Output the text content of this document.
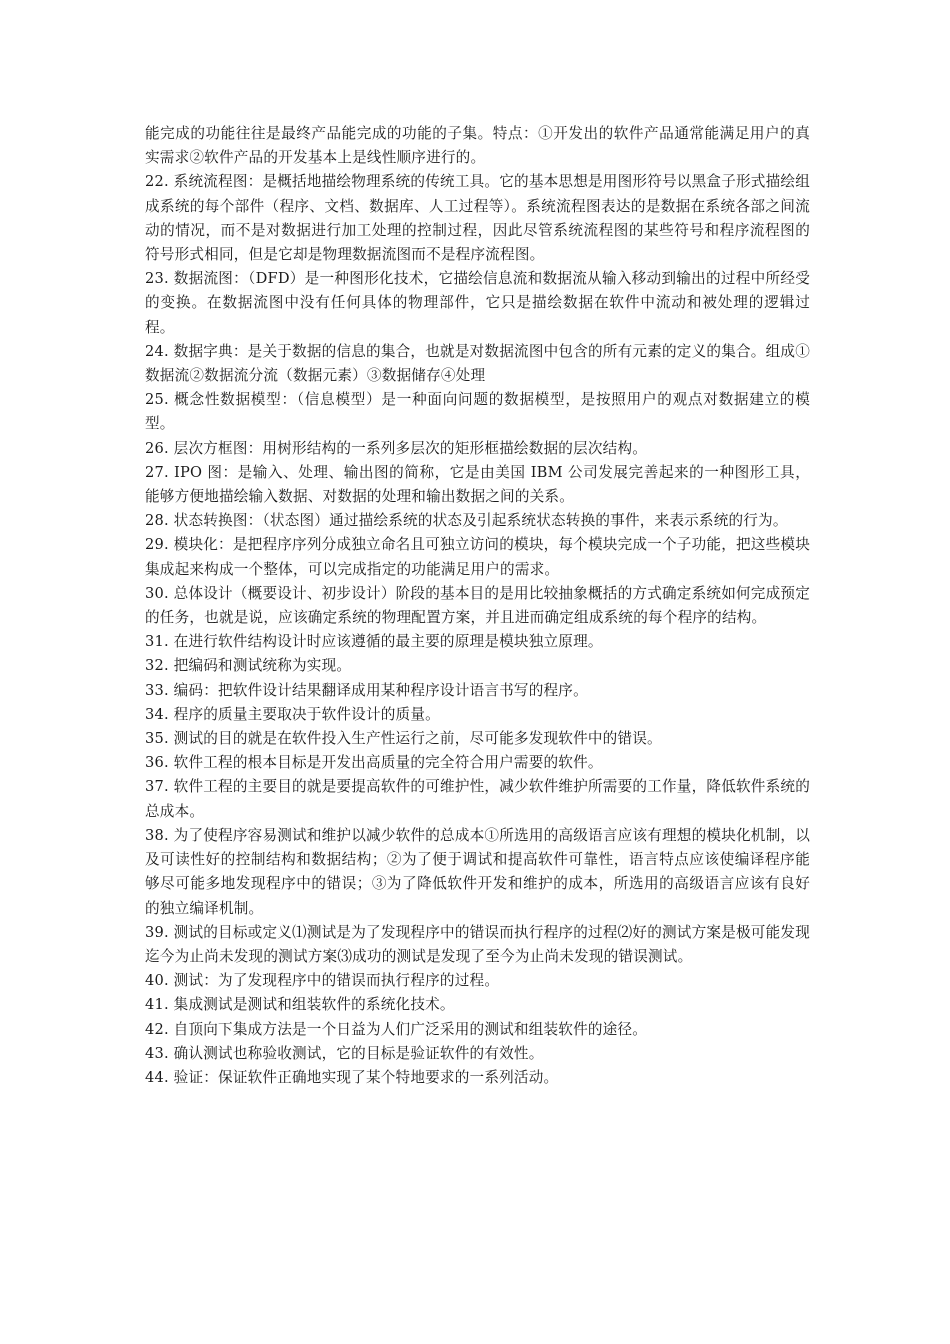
能完成的功能往往是最终产品能完成的功能的子集。特点：①开发出的软件产品通常能满足用户的真实需求②软件产品的开发基本上是线性顺序进行的。

22. 系统流程图：是概括地描绘物理系统的传统工具。它的基本思想是用图形符号以黑盒子形式描绘组成系统的每个部件（程序、文档、数据库、人工过程等）。系统流程图表达的是数据在系统各部之间流动的情况，而不是对数据进行加工处理的控制过程，因此尽管系统流程图的某些符号和程序流程图的符号形式相同，但是它却是物理数据流图而不是程序流程图。

23. 数据流图：（DFD）是一种图形化技术，它描绘信息流和数据流从输入移动到输出的过程中所经受的变换。在数据流图中没有任何具体的物理部件，它只是描绘数据在软件中流动和被处理的逻辑过程。

24. 数据字典：是关于数据的信息的集合，也就是对数据流图中包含的所有元素的定义的集合。组成①数据流②数据流分流（数据元素）③数据储存④处理

25. 概念性数据模型：（信息模型）是一种面向问题的数据模型，是按照用户的观点对数据建立的模型。

26. 层次方框图：用树形结构的一系列多层次的矩形框描绘数据的层次结构。

27. IPO 图：是输入、处理、输出图的简称，它是由美国 IBM 公司发展完善起来的一种图形工具，能够方便地描绘输入数据、对数据的处理和输出数据之间的关系。

28. 状态转换图：（状态图）通过描绘系统的状态及引起系统状态转换的事件，来表示系统的行为。

29. 模块化：是把程序序列分成独立命名且可独立访问的模块，每个模块完成一个子功能，把这些模块集成起来构成一个整体，可以完成指定的功能满足用户的需求。

30. 总体设计（概要设计、初步设计）阶段的基本目的是用比较抽象概括的方式确定系统如何完成预定的任务，也就是说，应该确定系统的物理配置方案，并且进而确定组成系统的每个程序的结构。

31. 在进行软件结构设计时应该遵循的最主要的原理是模块独立原理。

32. 把编码和测试统称为实现。

33. 编码：把软件设计结果翻译成用某种程序设计语言书写的程序。

34. 程序的质量主要取决于软件设计的质量。

35. 测试的目的就是在软件投入生产性运行之前，尽可能多发现软件中的错误。

36. 软件工程的根本目标是开发出高质量的完全符合用户需要的软件。

37. 软件工程的主要目的就是要提高软件的可维护性，减少软件维护所需要的工作量，降低软件系统的总成本。

38. 为了使程序容易测试和维护以减少软件的总成本①所选用的高级语言应该有理想的模块化机制，以及可读性好的控制结构和数据结构；②为了便于调试和提高软件可靠性，语言特点应该使编译程序能够尽可能多地发现程序中的错误；③为了降低软件开发和维护的成本，所选用的高级语言应该有良好的独立编译机制。

39. 测试的目标或定义⑴测试是为了发现程序中的错误而执行程序的过程⑵好的测试方案是极可能发现迄今为止尚未发现的测试方案⑶成功的测试是发现了至今为止尚未发现的错误测试。

40. 测试：为了发现程序中的错误而执行程序的过程。

41. 集成测试是测试和组装软件的系统化技术。

42. 自顶向下集成方法是一个日益为人们广泛采用的测试和组装软件的途径。

43. 确认测试也称验收测试，它的目标是验证软件的有效性。

44. 验证：保证软件正确地实现了某个特地要求的一系列活动。
